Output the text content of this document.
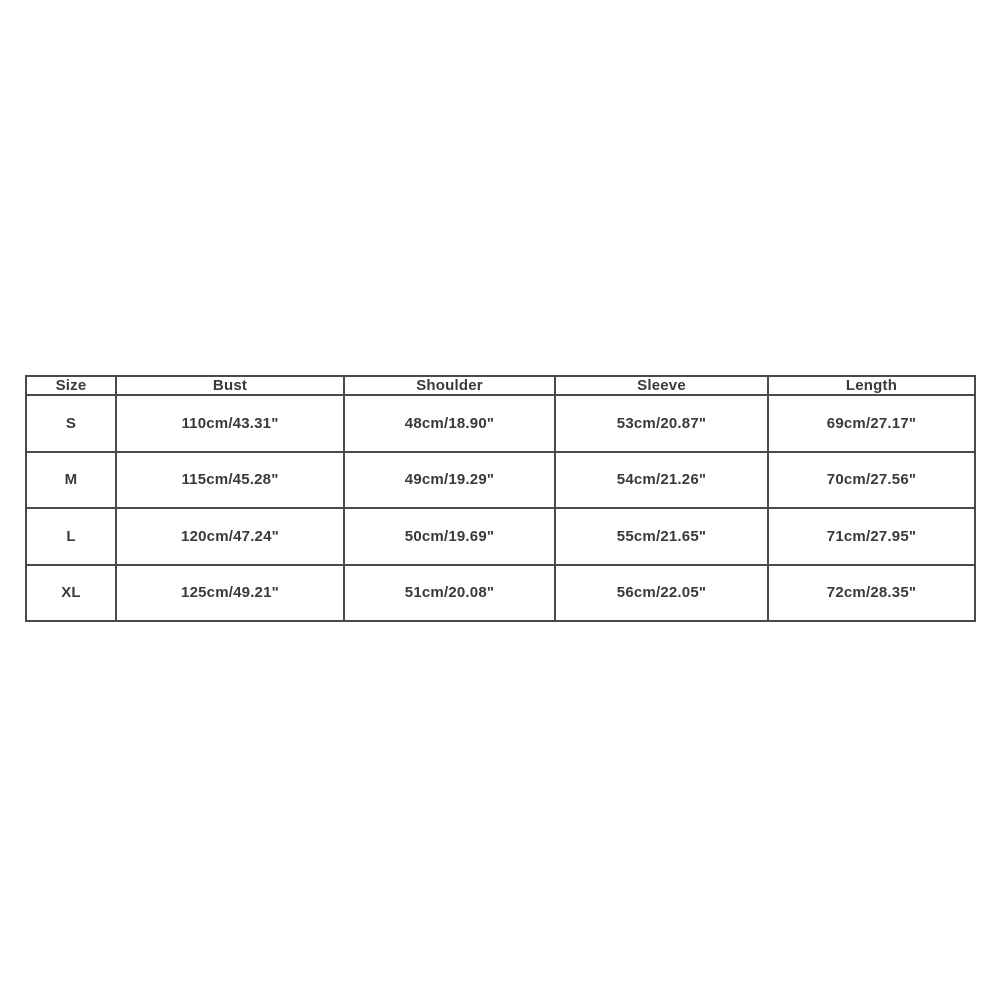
Size	Bust	Shoulder	Sleeve	Length
S	110cm/43.31"	48cm/18.90"	53cm/20.87"	69cm/27.17"
M	115cm/45.28"	49cm/19.29"	54cm/21.26"	70cm/27.56"
L	120cm/47.24"	50cm/19.69"	55cm/21.65"	71cm/27.95"
XL	125cm/49.21"	51cm/20.08"	56cm/22.05"	72cm/28.35"
